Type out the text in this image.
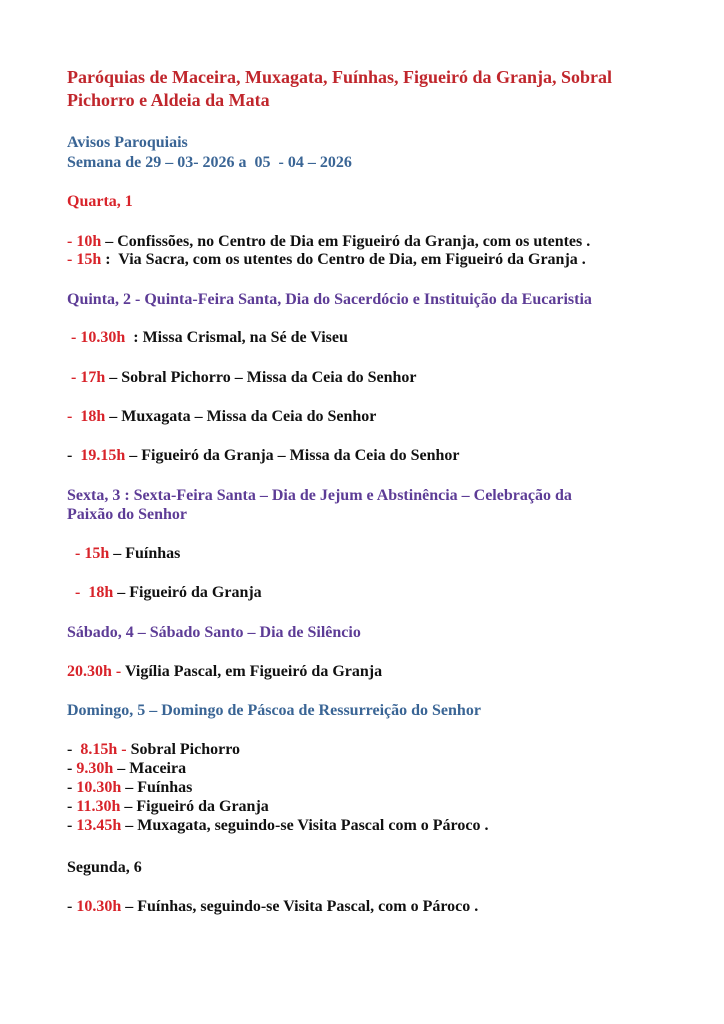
Paróquias de Maceira, Muxagata, Fuínhas, Figueiró da Granja, Sobral
Pichorro e Aldeia da Mata
Avisos Paroquiais
Semana de 29 – 03- 2026 a  05  - 04 – 2026
Quarta, 1
- 10h – Confissões, no Centro de Dia em Figueiró da Granja, com os utentes .
- 15h :  Via Sacra, com os utentes do Centro de Dia, em Figueiró da Granja .
Quinta, 2 - Quinta-Feira Santa, Dia do Sacerdócio e Instituição da Eucaristia
- 10.30h  : Missa Crismal, na Sé de Viseu
- 17h – Sobral Pichorro – Missa da Ceia do Senhor
-  18h – Muxagata – Missa da Ceia do Senhor
-  19.15h – Figueiró da Granja – Missa da Ceia do Senhor
Sexta, 3 : Sexta-Feira Santa – Dia de Jejum e Abstinência – Celebração da
Paixão do Senhor
- 15h – Fuínhas
-  18h – Figueiró da Granja
Sábado, 4 – Sábado Santo – Dia de Silêncio
20.30h - Vigília Pascal, em Figueiró da Granja
Domingo, 5 – Domingo de Páscoa de Ressurreição do Senhor
-  8.15h - Sobral Pichorro
- 9.30h – Maceira
- 10.30h – Fuínhas
- 11.30h – Figueiró da Granja
- 13.45h – Muxagata, seguindo-se Visita Pascal com o Pároco .
Segunda, 6
- 10.30h – Fuínhas, seguindo-se Visita Pascal, com o Pároco .
